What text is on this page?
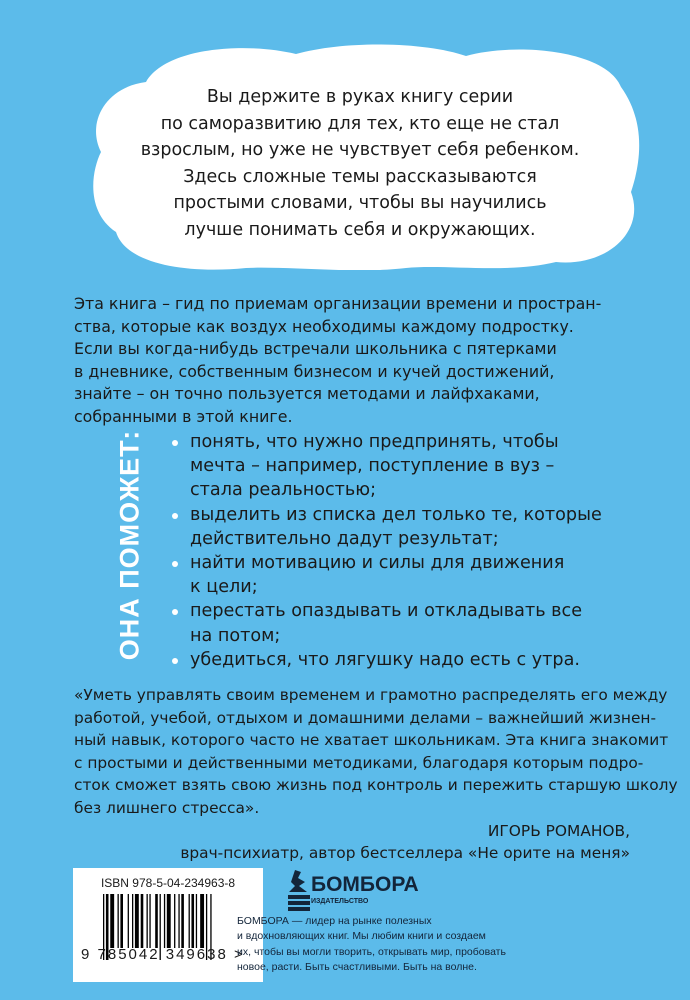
Вы держите в руках книгу серии
по саморазвитию для тех, кто еще не стал
взрослым, но уже не чувствует себя ребенком.
Здесь сложные темы рассказываются
простыми словами, чтобы вы научились
лучше понимать себя и окружающих.
Эта книга – гид по приемам организации времени и простран-
ства, которые как воздух необходимы каждому подростку.
Если вы когда-нибудь встречали школьника с пятерками
в дневнике, собственным бизнесом и кучей достижений,
знайте – он точно пользуется методами и лайфхаками,
собранными в этой книге.
ОНА ПОМОЖЕТ:	понять, что нужно предпринять, чтобы
мечта – например, поступление в вуз –
стала реальностью;
выделить из списка дел только те, которые
действительно дадут результат;
найти мотивацию и силы для движения
к цели;
перестать опаздывать и откладывать все
на потом;
убедиться, что лягушку надо есть с утра.
«Уметь управлять своим временем и грамотно распределять его между
работой, учебой, отдыхом и домашними делами – важнейший жизнен-
ный навык, которого часто не хватает школьникам. Эта книга знакомит
с простыми и действенными методиками, благодаря которым подро-
сток сможет взять свою жизнь под контроль и пережить старшую школу
без лишнего стресса».
ИГОРЬ РОМАНОВ,
врач-психиатр, автор бестселлера «Не орите на меня»
ISBN 978-5-04-234963-8
9 785042 349638 >
БОМБОРА
ИЗДАТЕЛЬСТВО
БОМБОРА — лидер на рынке полезных
и вдохновляющих книг. Мы любим книги и создаем
их, чтобы вы могли творить, открывать мир, пробовать
новое, расти. Быть счастливыми. Быть на волне.
